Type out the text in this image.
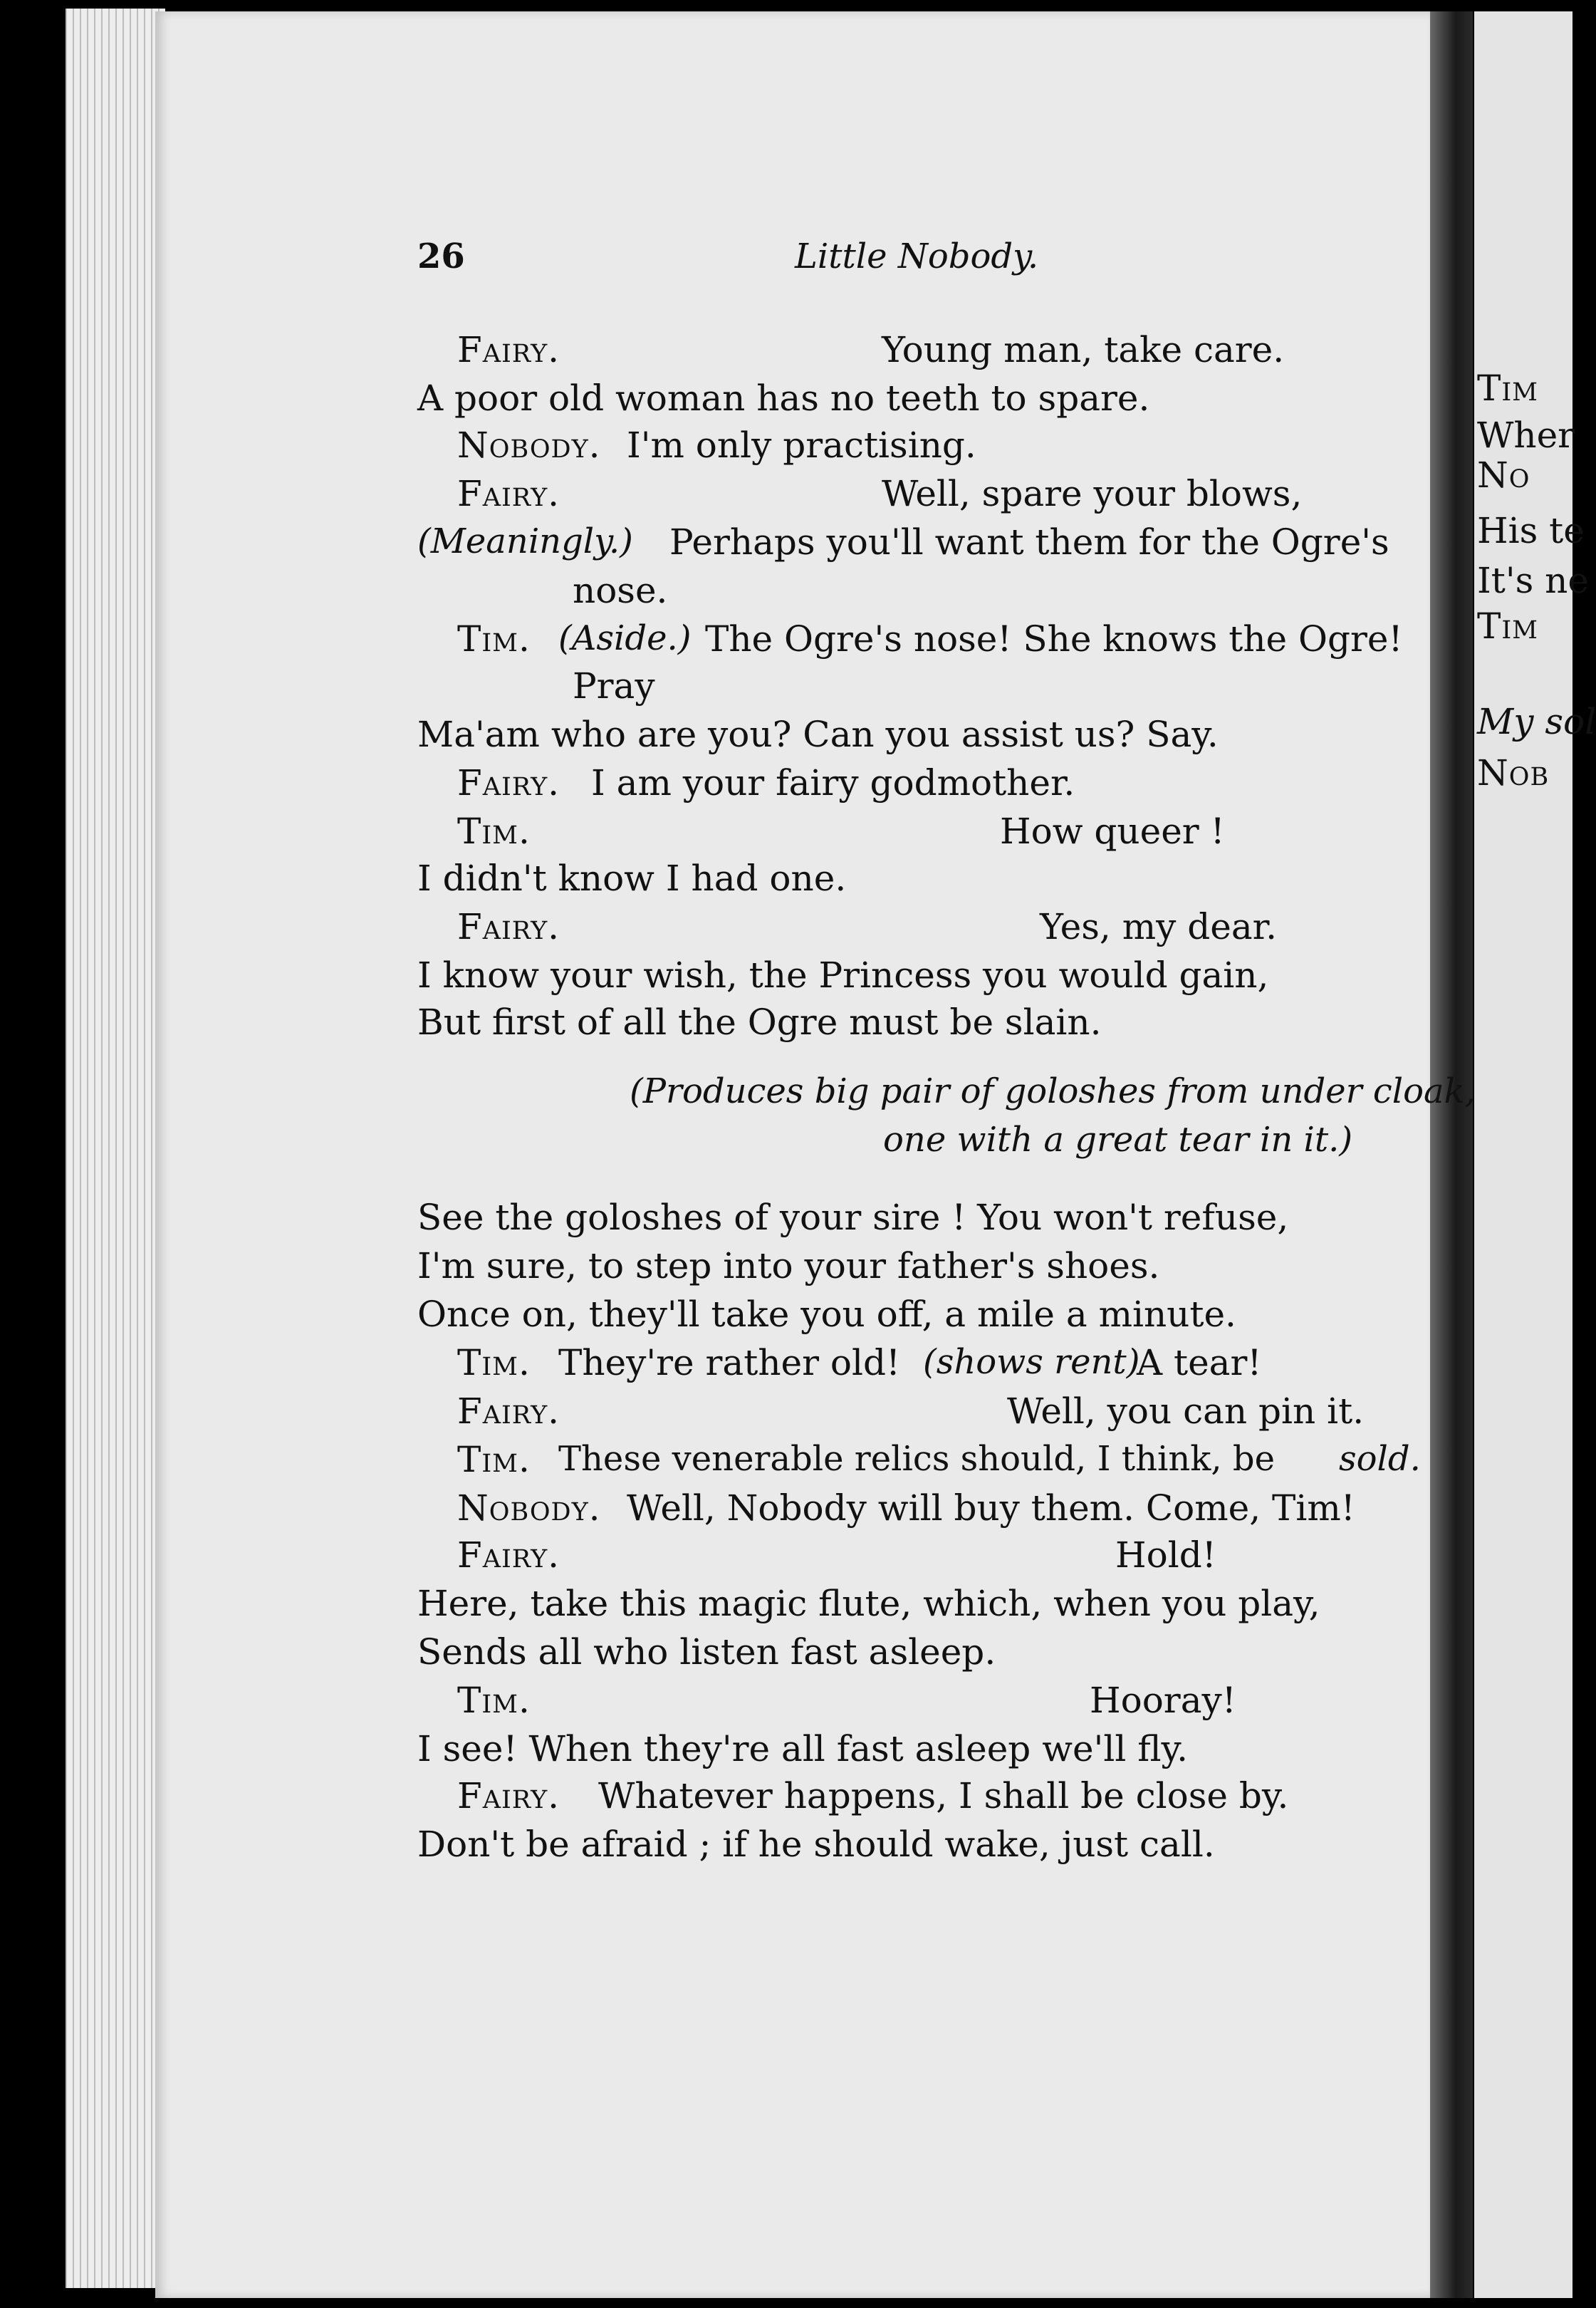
Tim
Wher
No
His te
It's ne
Tim
My sol
Nob
26	Little Nobody.
Fairy.	Young man, take care.
A poor old woman has no teeth to spare.
Nobody. I'm only practising.
Fairy.	Well, spare your blows,
(Meaningly.) Perhaps you'll want them for the Ogre's
nose.
Tim. (Aside.) The Ogre's nose! She knows the Ogre!
Pray
Ma'am who are you? Can you assist us? Say.
Fairy. I am your fairy godmother.
Tim.	How queer !
I didn't know I had one.
Fairy.	Yes, my dear.
I know your wish, the Princess you would gain,
But first of all the Ogre must be slain.
(Produces big pair of goloshes from under cloak,
one with a great tear in it.)
See the goloshes of your sire ! You won't refuse,
I'm sure, to step into your father's shoes.
Once on, they'll take you off, a mile a minute.
Tim. They're rather old! (shows rent)
A tear!
Fairy.	Well, you can pin it.
Tim. These venerable relics should, I think, be sold.
Nobody. Well, Nobody will buy them. Come, Tim!
Fairy.	Hold!
Here, take this magic flute, which, when you play,
Sends all who listen fast asleep.
Tim.	Hooray!
I see! When they're all fast asleep we'll fly.
Fairy. Whatever happens, I shall be close by.
Don't be afraid ; if he should wake, just call.
